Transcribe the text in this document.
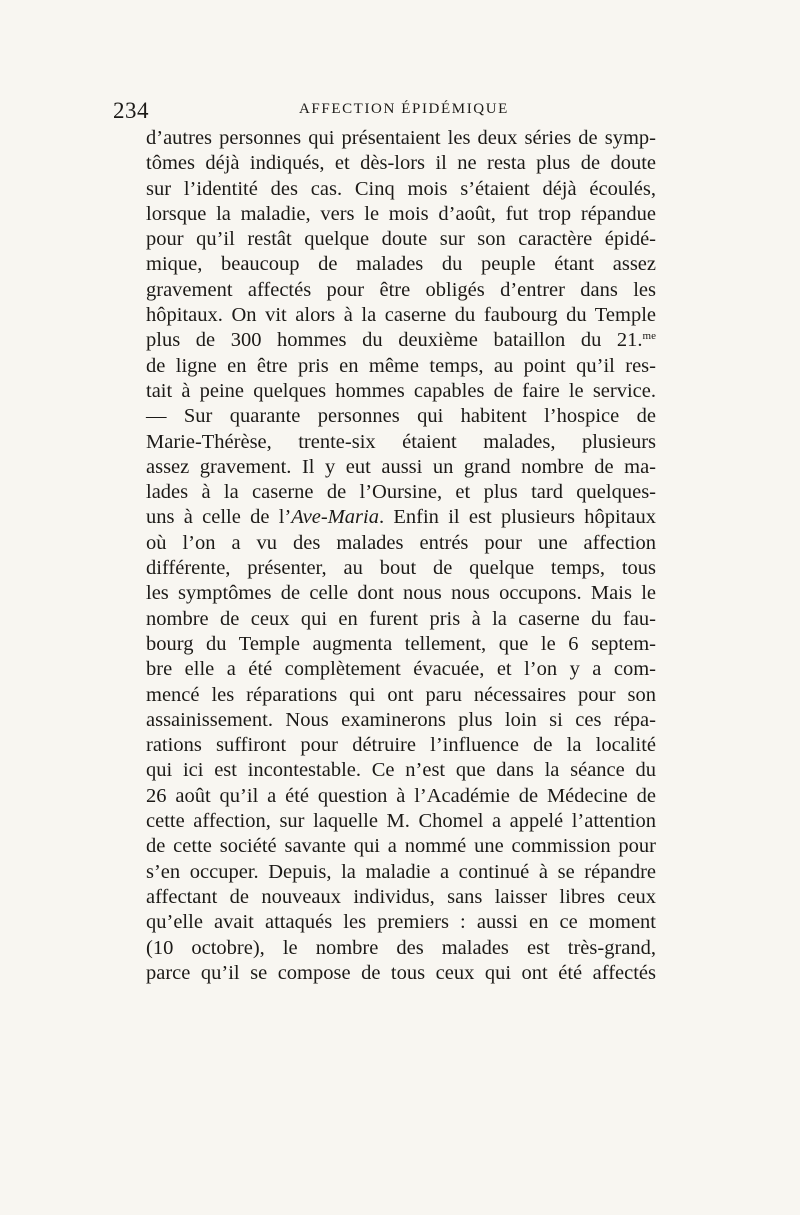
234	AFFECTION ÉPIDÉMIQUE
d’autres personnes qui présentaient les deux séries de symp-
tômes déjà indiqués, et dès-lors il ne resta plus de doute
sur l’identité des cas. Cinq mois s’étaient déjà écoulés,
lorsque la maladie, vers le mois d’août, fut trop répandue
pour qu’il restât quelque doute sur son caractère épidé-
mique, beaucoup de malades du peuple étant assez
gravement affectés pour être obligés d’entrer dans les
hôpitaux. On vit alors à la caserne du faubourg du Temple
plus de 300 hommes du deuxième bataillon du 21.$^{me}$
de ligne en être pris en même temps, au point qu’il res-
tait à peine quelques hommes capables de faire le service.
— Sur quarante personnes qui habitent l’hospice de
Marie-Thérèse, trente-six étaient malades, plusieurs
assez gravement. Il y eut aussi un grand nombre de ma-
lades à la caserne de l’Oursine, et plus tard quelques-
uns à celle de l’Ave-Maria. Enfin il est plusieurs hôpitaux
où l’on a vu des malades entrés pour une affection
différente, présenter, au bout de quelque temps, tous
les symptômes de celle dont nous nous occupons. Mais le
nombre de ceux qui en furent pris à la caserne du fau-
bourg du Temple augmenta tellement, que le 6 septem-
bre elle a été complètement évacuée, et l’on y a com-
mencé les réparations qui ont paru nécessaires pour son
assainissement. Nous examinerons plus loin si ces répa-
rations suffiront pour détruire l’influence de la localité
qui ici est incontestable. Ce n’est que dans la séance du
26 août qu’il a été question à l’Académie de Médecine de
cette affection, sur laquelle M. Chomel a appelé l’attention
de cette société savante qui a nommé une commission pour
s’en occuper. Depuis, la maladie a continué à se répandre
affectant de nouveaux individus, sans laisser libres ceux
qu’elle avait attaqués les premiers : aussi en ce moment
(10 octobre), le nombre des malades est très-grand,
parce qu’il se compose de tous ceux qui ont été affectés
